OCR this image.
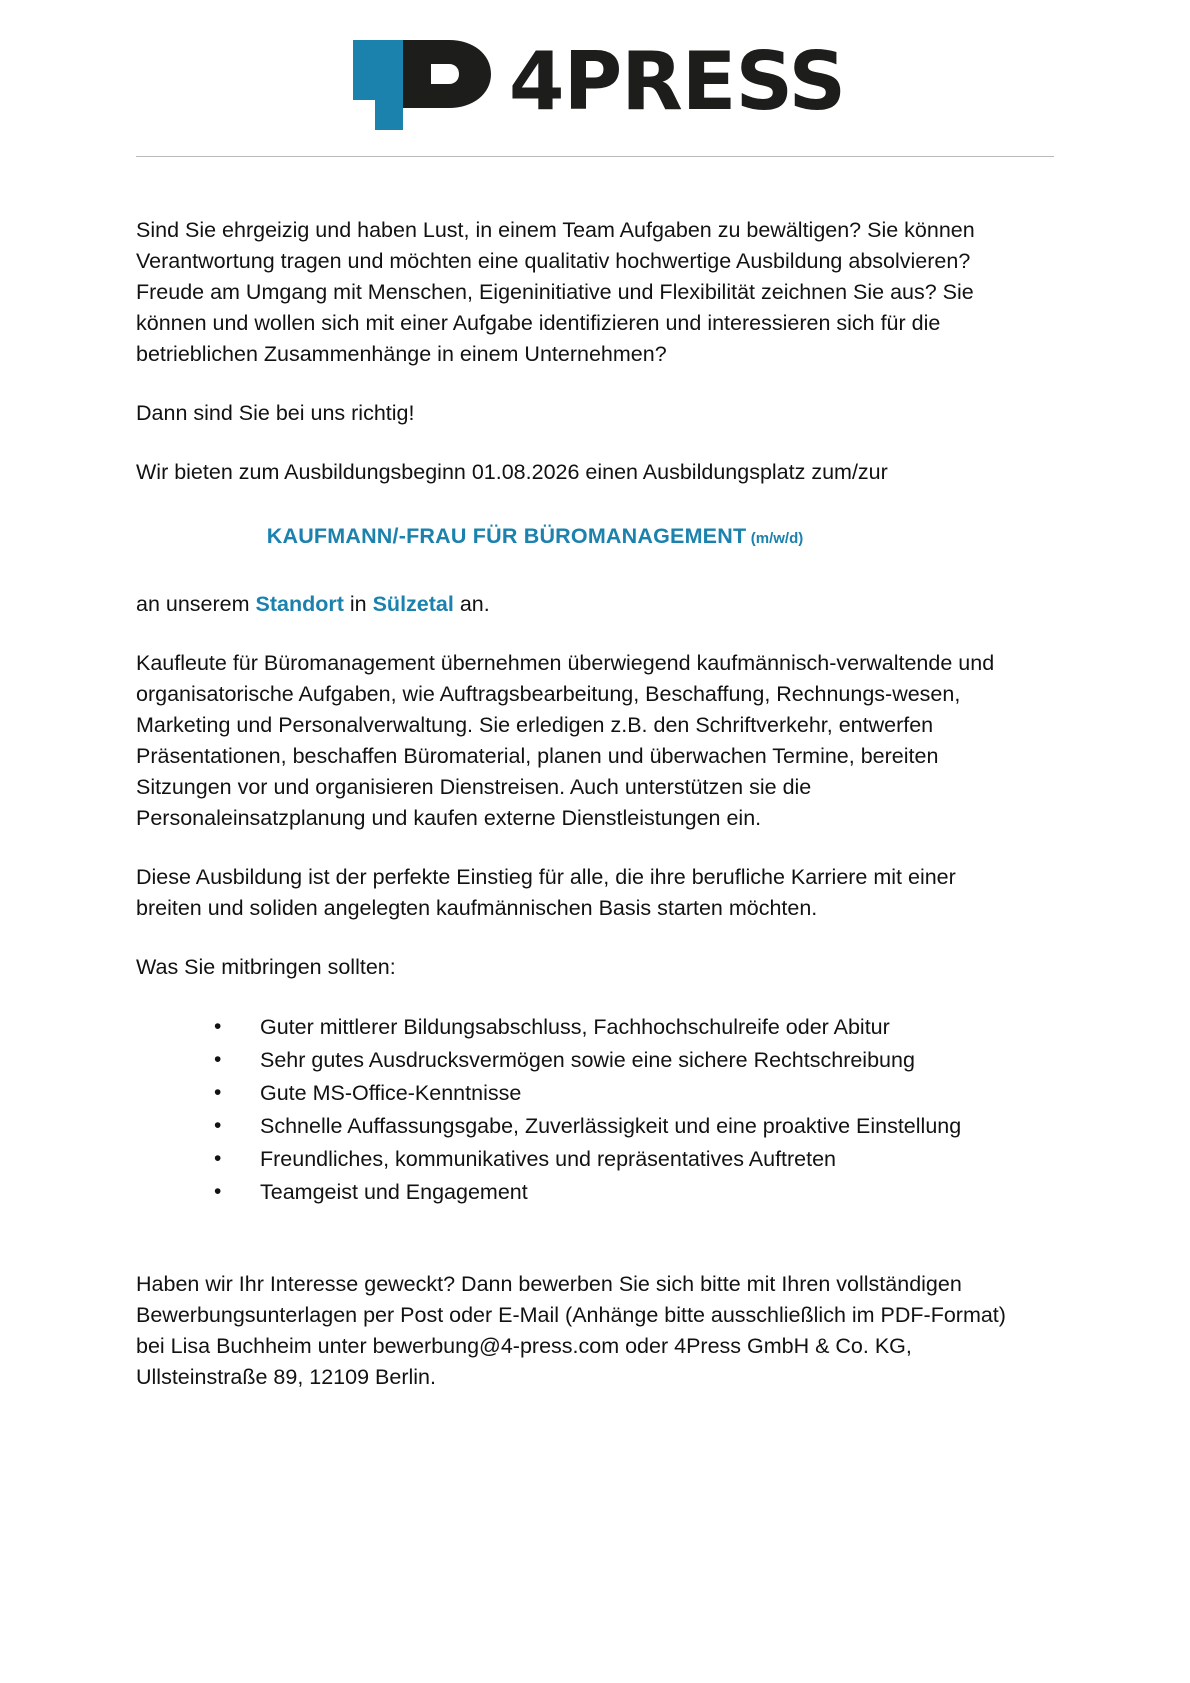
4PRESS

Sind Sie ehrgeizig und haben Lust, in einem Team Aufgaben zu bewältigen? Sie können Verantwortung tragen und möchten eine qualitativ hochwertige Ausbildung absolvieren? Freude am Umgang mit Menschen, Eigeninitiative und Flexibilität zeichnen Sie aus? Sie können und wollen sich mit einer Aufgabe identifizieren und interessieren sich für die betrieblichen Zusammenhänge in einem Unternehmen?

Dann sind Sie bei uns richtig!

Wir bieten zum Ausbildungsbeginn 01.08.2026 einen Ausbildungsplatz zum/zur

KAUFMANN/-FRAU FÜR BÜROMANAGEMENT (m/w/d)

an unserem Standort in Sülzetal an.

Kaufleute für Büromanagement übernehmen überwiegend kaufmännisch-verwaltende und organisatorische Aufgaben, wie Auftragsbearbeitung, Beschaffung, Rechnungs-wesen, Marketing und Personalverwaltung. Sie erledigen z.B. den Schriftverkehr, entwerfen Präsentationen, beschaffen Büromaterial, planen und überwachen Termine, bereiten Sitzungen vor und organisieren Dienstreisen. Auch unterstützen sie die Personaleinsatzplanung und kaufen externe Dienstleistungen ein.

Diese Ausbildung ist der perfekte Einstieg für alle, die ihre berufliche Karriere mit einer breiten und soliden angelegten kaufmännischen Basis starten möchten.

Was Sie mitbringen sollten:

• Guter mittlerer Bildungsabschluss, Fachhochschulreife oder Abitur
• Sehr gutes Ausdrucksvermögen sowie eine sichere Rechtschreibung
• Gute MS-Office-Kenntnisse
• Schnelle Auffassungsgabe, Zuverlässigkeit und eine proaktive Einstellung
• Freundliches, kommunikatives und repräsentatives Auftreten
• Teamgeist und Engagement

Haben wir Ihr Interesse geweckt? Dann bewerben Sie sich bitte mit Ihren vollständigen Bewerbungsunterlagen per Post oder E-Mail (Anhänge bitte ausschließlich im PDF-Format) bei Lisa Buchheim unter bewerbung@4-press.com oder 4Press GmbH & Co. KG, Ullsteinstraße 89, 12109 Berlin.
